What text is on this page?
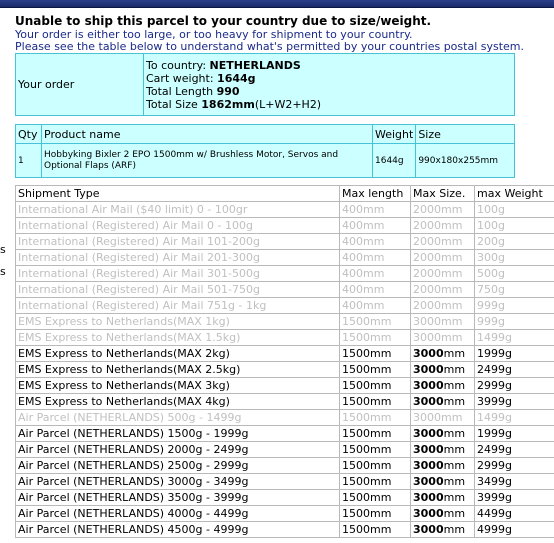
s
s
Unable to ship this parcel to your country due to size/weight.
Your order is either too large, or too heavy for shipment to your country.
Please see the table below to understand what's permitted by your countries postal system.
Your order	
To country: NETHERLANDS
Cart weight: 1644g
Total Length 990
Total Size 1862mm(L+W2+H2)
Qty	Product name	Weight	Size
1	Hobbyking Bixler 2 EPO 1500mm w/ Brushless Motor, Servos and Optional Flaps (ARF)	1644g	990x180x255mm
Shipment Type	Max length	Max Size.	max Weight
International Air Mail ($40 limit) 0 - 100gr	400mm	2000mm	100g
International (Registered) Air Mail 0 - 100g	400mm	2000mm	100g
International (Registered) Air Mail 101-200g	400mm	2000mm	200g
International (Registered) Air Mail 201-300g	400mm	2000mm	300g
International (Registered) Air Mail 301-500g	400mm	2000mm	500g
International (Registered) Air Mail 501-750g	400mm	2000mm	750g
International (Registered) Air Mail 751g - 1kg	400mm	2000mm	999g
EMS Express to Netherlands(MAX 1kg)	1500mm	3000mm	999g
EMS Express to Netherlands(MAX 1.5kg)	1500mm	3000mm	1499g
EMS Express to Netherlands(MAX 2kg)	1500mm	3000mm	1999g
EMS Express to Netherlands(MAX 2.5kg)	1500mm	3000mm	2499g
EMS Express to Netherlands(MAX 3kg)	1500mm	3000mm	2999g
EMS Express to Netherlands(MAX 4kg)	1500mm	3000mm	3999g
Air Parcel (NETHERLANDS) 500g - 1499g	1500mm	3000mm	1499g
Air Parcel (NETHERLANDS) 1500g - 1999g	1500mm	3000mm	1999g
Air Parcel (NETHERLANDS) 2000g - 2499g	1500mm	3000mm	2499g
Air Parcel (NETHERLANDS) 2500g - 2999g	1500mm	3000mm	2999g
Air Parcel (NETHERLANDS) 3000g - 3499g	1500mm	3000mm	3499g
Air Parcel (NETHERLANDS) 3500g - 3999g	1500mm	3000mm	3999g
Air Parcel (NETHERLANDS) 4000g - 4499g	1500mm	3000mm	4499g
Air Parcel (NETHERLANDS) 4500g - 4999g	1500mm	3000mm	4999g
